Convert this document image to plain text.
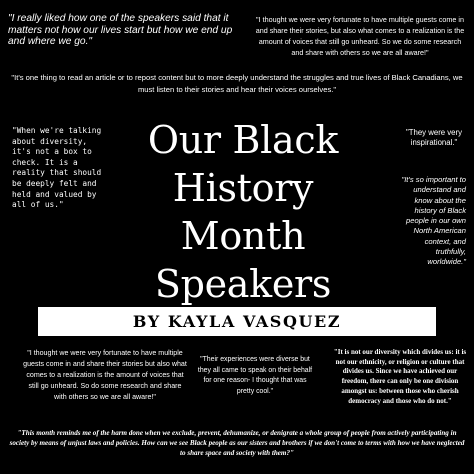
"I really liked how one of the speakers said that it matters not how our lives start but how we end up and where we go."
"I thought we were very fortunate to have multiple guests come in and share their stories, but also what comes to a realization is the amount of voices that still go unheard. So we do some research and share with others so we are all aware!"
"It's one thing to read an article or to repost content but to more deeply understand the struggles and true lives of Black Canadians, we must listen to their stories and hear their voices ourselves."
"When we're talking about diversity, it's not a box to check. It is a reality that should be deeply felt and held and valued by all of us."
"They were very inspirational."
"It's so important to understand and know about the history of Black people in our own North American context, and truthfully, worldwide."
Our Black History Month Speakers
BY KAYLA VASQUEZ
"I thought we were very fortunate to have multiple guests come in and share their stories but also what comes to a realization is the amount of voices that still go unheard. So do some research and share with others so we are all aware!"
"Their experiences were diverse but they all came to speak on their behalf for one reason- I thought that was pretty cool."
"It is not our diversity which divides us: it is not our ethnicity, or religion or culture that divides us. Since we have achieved our freedom, there can only be one division amongst us: between those who cherish democracy and those who do not."
"This month reminds me of the harm done when we exclude, prevent, dehumanize, or denigrate a whole group of people from actively participating in society by means of unjust laws and policies. How can we see Black people as our sisters and brothers if we don't come to terms with how we have neglected to share space and society with them?"
